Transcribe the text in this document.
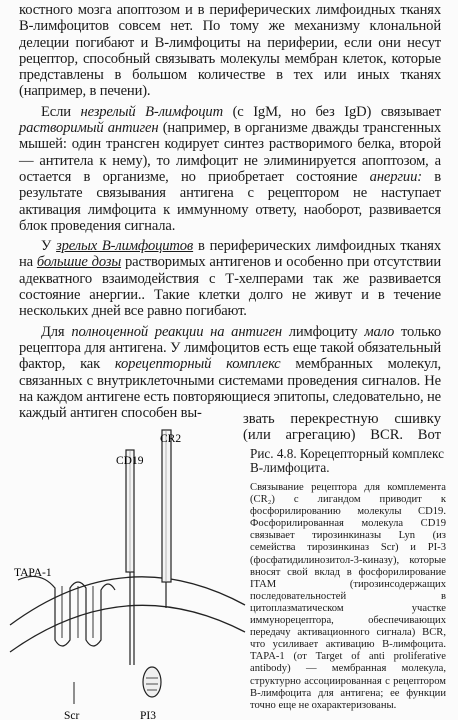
костного мозга апоптозом и в периферических лимфоидных тканях В-лимфоцитов совсем нет. По тому же механизму клональной делеции погибают и В-лимфоциты на периферии, если они несут рецептор, способный связывать молекулы мембран клеток, которые представлены в большом количестве в тех или иных тканях (например, в печени).

Если незрелый В-лимфоцит (с IgM, но без IgD) связывает растворимый антиген (например, в организме дважды трансгенных мышей: один трансген кодирует синтез растворимого белка, второй — антитела к нему), то лимфоцит не элиминируется апоптозом, а остается в организме, но приобретает состояние анергии: в результате связывания антигена с рецептором не наступает активация лимфоцита к иммунному ответу, наоборот, развивается блок проведения сигнала.

У зрелых В-лимфоцитов в периферических лимфоидных тканях на большие дозы растворимых антигенов и особенно при отсутствии адекватного взаимодействия с Т-хелперами так же развивается состояние анергии.. Такие клетки долго не живут и в течение нескольких дней все равно погибают.

Для полноценной реакции на антиген лимфоциту мало только рецептора для антигена. У лимфоцитов есть еще такой обязательный фактор, как корецепторный комплекс мембранных молекул, связанных с внутриклеточными системами проведения сигналов. Не на каждом антигене есть повторяющиеся эпитопы, следовательно, не каждый антиген способен вы-	звать перекрестную сшивку
(или агрегацию) BCR. Вот
CD19
CR2
TAPA-1
Scr	PI3
Рис. 4.8. Корецепторный комплекс В-лимфоцита.
Связывание рецептора для комплемента (CR₂) с лигандом приводит к фосфорилированию молекулы CD19. Фосфорилированная молекула CD19 связывает тирозинкиназы Lyn (из семейства тирозинкиназ Scr) и PI-3 (фосфатидилинозитол-3-киназу), которые вносят свой вклад в фосфорилирование ITAM (тирозинсодержащих последовательностей в цитоплазматическом участке иммунорецептора, обеспечивающих передачу активационного сигнала) BCR, что усиливает активацию В-лимфоцита. TAPA-1 (от Target of anti proliferative antibody) — мембранная молекула, структурно ассоциированная с рецептором В-лимфоцита для антигена; ее функции точно еще не охарактеризованы.
